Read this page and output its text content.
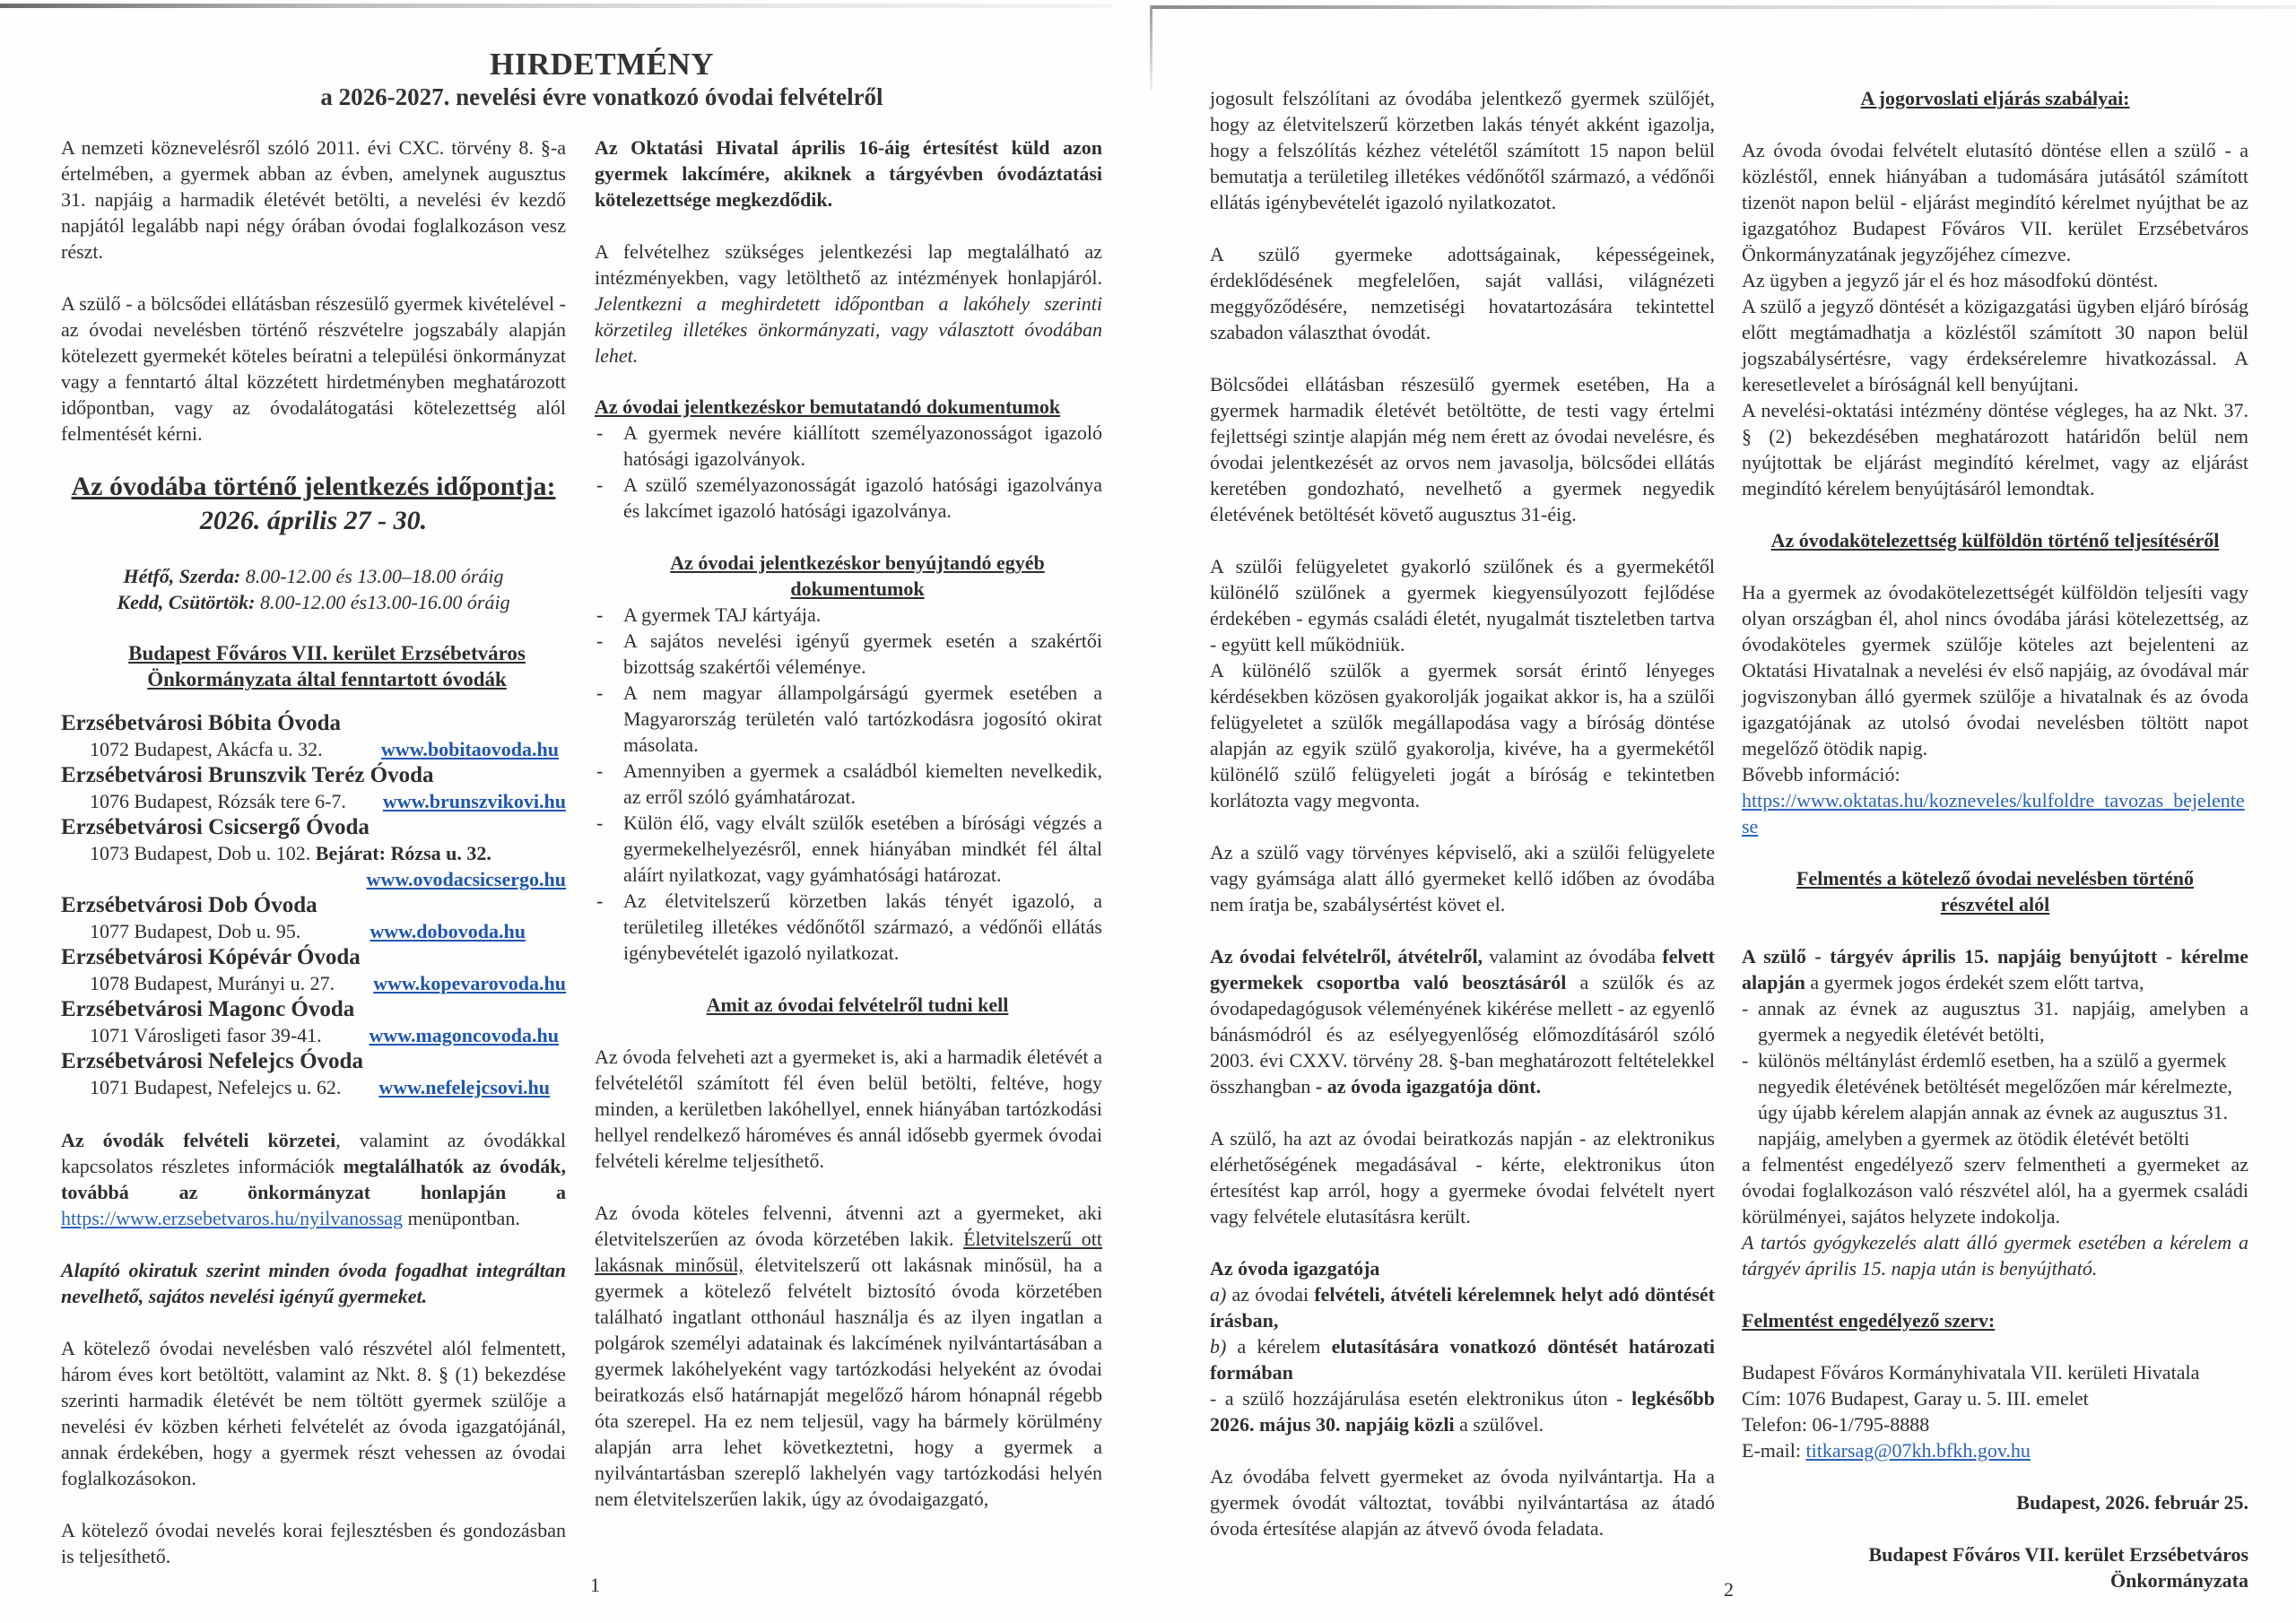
HIRDETMÉNY
a 2026-2027. nevelési évre vonatkozó óvodai felvételről

A nemzeti köznevelésről szóló 2011. évi CXC. törvény 8. §-a értelmében, a gyermek abban az évben, amelynek augusztus 31. napjáig a harmadik életévét betölti, a nevelési év kezdő napjától legalább napi négy órában óvodai foglalkozáson vesz részt.

A szülő - a bölcsődei ellátásban részesülő gyermek kivételével - az óvodai nevelésben történő részvételre jogszabály alapján kötelezett gyermekét köteles beíratni a települési önkormányzat vagy a fenntartó által közzétett hirdetményben meghatározott időpontban, vagy az óvodalátogatási kötelezettség alól felmentését kérni.

Az óvodába történő jelentkezés időpontja:
2026. április 27 - 30.
Hétfő, Szerda: 8.00-12.00 és 13.00–18.00 óráig
Kedd, Csütörtök: 8.00-12.00 és13.00-16.00 óráig
Budapest Főváros VII. kerület Erzsébetváros
Önkormányzata által fenntartott óvodák
Erzsébetvárosi Bóbita Óvoda
1072 Budapest, Akácfa u. 32.	www.bobitaovoda.hu
Erzsébetvárosi Brunszvik Teréz Óvoda
1076 Budapest, Rózsák tere 6-7. www.brunszvikovi.hu
Erzsébetvárosi Csicsergő Óvoda
1073 Budapest, Dob u. 102.
Bejárat: Rózsa u. 32.
www.ovodacsicsergo.hu
Erzsébetvárosi Dob Óvoda
1077 Budapest, Dob u. 95.	www.dobovoda.hu
Erzsébetvárosi Kópévár Óvoda
1078 Budapest, Murányi u. 27. www.kopevarovoda.hu
Erzsébetvárosi Magonc Óvoda
1071 Városligeti fasor 39-41. www.magoncovoda.hu
Erzsébetvárosi Nefelejcs Óvoda
1071 Budapest, Nefelejcs u. 62. www.nefelejcsovi.hu

Az óvodák felvételi körzetei, valamint az óvodákkal kapcsolatos részletes információk megtalálhatók az óvodák, továbbá az önkormányzat honlapján a https://www.erzsebetvaros.hu/nyilvanossag menüpontban.

Alapító okiratuk szerint minden óvoda fogadhat integráltan nevelhető, sajátos nevelési igényű gyermeket.

A kötelező óvodai nevelésben való részvétel alól felmentett, három éves kort betöltött, valamint az Nkt. 8. § (1) bekezdése szerinti harmadik életévét be nem töltött gyermek szülője a nevelési év közben kérheti felvételét az óvoda igazgatójánál, annak érdekében, hogy a gyermek részt vehessen az óvodai foglalkozásokon.

A kötelező óvodai nevelés korai fejlesztésben és gondozásban is teljesíthető.

Az Oktatási Hivatal április 16-áig értesítést küld azon gyermek lakcímére, akiknek a tárgyévben óvodáztatási kötelezettsége megkezdődik.

A felvételhez szükséges jelentkezési lap megtalálható az intézményekben, vagy letölthető az intézmények honlapjáról. Jelentkezni a meghirdetett időpontban a lakóhely szerinti körzetileg illetékes önkormányzati, vagy választott óvodában lehet.

Az óvodai jelentkezéskor bemutatandó dokumentumok
- A gyermek nevére kiállított személyazonosságot igazoló hatósági igazolványok.
- A szülő személyazonosságát igazoló hatósági igazolványa és lakcímet igazoló hatósági igazolványa.
Az óvodai jelentkezéskor benyújtandó egyéb
dokumentumok
- A gyermek TAJ kártyája.
- A sajátos nevelési igényű gyermek esetén a szakértői bizottság szakértői véleménye.
- A nem magyar állampolgárságú gyermek esetében a Magyarország területén való tartózkodásra jogosító okirat másolata.
- Amennyiben a gyermek a családból kiemelten nevelkedik, az erről szóló gyámhatározat.
- Külön élő, vagy elvált szülők esetében a bírósági végzés a gyermekelhelyezésről, ennek hiányában mindkét fél által aláírt nyilatkozat, vagy gyámhatósági határozat.
- Az életvitelszerű körzetben lakás tényét igazoló, a területileg illetékes védőnőtől származó, a védőnői ellátás igénybevételét igazoló nyilatkozat.
Amit az óvodai felvételről tudni kell

Az óvoda felveheti azt a gyermeket is, aki a harmadik életévét a felvételétől számított fél éven belül betölti, feltéve, hogy minden, a kerületben lakóhellyel, ennek hiányában tartózkodási hellyel rendelkező hároméves és annál idősebb gyermek óvodai felvételi kérelme teljesíthető.

Az óvoda köteles felvenni, átvenni azt a gyermeket, aki életvitelszerűen az óvoda körzetében lakik. Életvitelszerű ott lakásnak minősül, életvitelszerű ott lakásnak minősül, ha a gyermek a kötelező felvételt biztosító óvoda körzetében található ingatlant otthonául használja és az ilyen ingatlan a polgárok személyi adatainak és lakcímének nyilvántartásában a gyermek lakóhelyeként vagy tartózkodási helyeként az óvodai beiratkozás első határnapját megelőző három hónapnál régebb óta szerepel. Ha ez nem teljesül, vagy ha bármely körülmény alapján arra lehet következtetni, hogy a gyermek a nyilvántartásban szereplő lakhelyén vagy tartózkodási helyén nem életvitelszerűen lakik, úgy az óvodaigazgató,

1

jogosult felszólítani az óvodába jelentkező gyermek szülőjét, hogy az életvitelszerű körzetben lakás tényét akként igazolja, hogy a felszólítás kézhez vételétől számított 15 napon belül bemutatja a területileg illetékes védőnőtől származó, a védőnői ellátás igénybevételét igazoló nyilatkozatot.

A szülő gyermeke adottságainak, képességeinek, érdeklődésének megfelelően, saját vallási, világnézeti meggyőződésére, nemzetiségi hovatartozására tekintettel szabadon választhat óvodát.

Bölcsődei ellátásban részesülő gyermek esetében, Ha a gyermek harmadik életévét betöltötte, de testi vagy értelmi fejlettségi szintje alapján még nem érett az óvodai nevelésre, és óvodai jelentkezését az orvos nem javasolja, bölcsődei ellátás keretében gondozható, nevelhető a gyermek negyedik életévének betöltését követő augusztus 31-éig.

A szülői felügyeletet gyakorló szülőnek és a gyermekétől különélő szülőnek a gyermek kiegyensúlyozott fejlődése érdekében - egymás családi életét, nyugalmát tiszteletben tartva - együtt kell működniük.

A különélő szülők a gyermek sorsát érintő lényeges kérdésekben közösen gyakorolják jogaikat akkor is, ha a szülői felügyeletet a szülők megállapodása vagy a bíróság döntése alapján az egyik szülő gyakorolja, kivéve, ha a gyermekétől különélő szülő felügyeleti jogát a bíróság e tekintetben korlátozta vagy megvonta.

Az a szülő vagy törvényes képviselő, aki a szülői felügyelete vagy gyámsága alatt álló gyermeket kellő időben az óvodába nem íratja be, szabálysértést követ el.

Az óvodai felvételről, átvételről, valamint az óvodába felvett gyermekek csoportba való beosztásáról a szülők és az óvodapedagógusok véleményének kikérése mellett - az egyenlő bánásmódról és az esélyegyenlőség előmozdításáról szóló 2003. évi CXXV. törvény 28. §-ban meghatározott feltételekkel összhangban - az óvoda igazgatója dönt.

A szülő, ha azt az óvodai beiratkozás napján - az elektronikus elérhetőségének megadásával - kérte, elektronikus úton értesítést kap arról, hogy a gyermeke óvodai felvételt nyert vagy felvétele elutasításra került.

Az óvoda igazgatója
a) az óvodai felvételi, átvételi kérelemnek helyt adó döntését írásban,
b) a kérelem elutasítására vonatkozó döntését határozati formában
- a szülő hozzájárulása esetén elektronikus úton - legkésőbb 2026. május 30. napjáig közli a szülővel.

Az óvodába felvett gyermeket az óvoda nyilvántartja. Ha a gyermek óvodát változtat, további nyilvántartása az átadó óvoda értesítése alapján az átvevő óvoda feladata.

A jogorvoslati eljárás szabályai:

Az óvoda óvodai felvételt elutasító döntése ellen a szülő - a közléstől, ennek hiányában a tudomására jutásától számított tizenöt napon belül - eljárást megindító kérelmet nyújthat be az igazgatóhoz Budapest Főváros VII. kerület Erzsébetváros Önkormányzatának jegyzőjéhez címezve.

Az ügyben a jegyző jár el és hoz másodfokú döntést.

A szülő a jegyző döntését a közigazgatási ügyben eljáró bíróság előtt megtámadhatja a közléstől számított 30 napon belül jogszabálysértésre, vagy érdeksérelemre hivatkozással. A keresetlevelet a bíróságnál kell benyújtani.

A nevelési-oktatási intézmény döntése végleges, ha az Nkt. 37. § (2) bekezdésében meghatározott határidőn belül nem nyújtottak be eljárást megindító kérelmet, vagy az eljárást megindító kérelem benyújtásáról lemondtak.

Az óvodakötelezettség külföldön történő teljesítéséről

Ha a gyermek az óvodakötelezettségét külföldön teljesíti vagy olyan országban él, ahol nincs óvodába járási kötelezettség, az óvodaköteles gyermek szülője köteles azt bejelenteni az Oktatási Hivatalnak a nevelési év első napjáig, az óvodával már jogviszonyban álló gyermek szülője a hivatalnak és az óvoda igazgatójának az utolsó óvodai nevelésben töltött napot megelőző ötödik napig.

Bővebb információ:

https://www.oktatas.hu/kozneveles/kulfoldre_tavozas_bejelentese

Felmentés a kötelező óvodai nevelésben történő
részvétel alól

A szülő - tárgyév április 15. napjáig benyújtott - kérelme alapján a gyermek jogos érdekét szem előtt tartva,

- annak az évnek az augusztus 31. napjáig, amelyben a gyermek a negyedik életévét betölti,
- különös méltánylást érdemlő esetben, ha a szülő a gyermek negyedik életévének betöltését megelőzően már kérelmezte, úgy újabb kérelem alapján annak az évnek az augusztus 31. napjáig, amelyben a gyermek az ötödik életévét betölti

a felmentést engedélyező szerv felmentheti a gyermeket az óvodai foglalkozáson való részvétel alól, ha a gyermek családi körülményei, sajátos helyzete indokolja.

A tartós gyógykezelés alatt álló gyermek esetében a kérelem a tárgyév április 15. napja után is benyújtható.

Felmentést engedélyező szerv:
Budapest Főváros Kormányhivatala VII. kerületi Hivatala
Cím: 1076 Budapest, Garay u. 5. III. emelet
Telefon: 06-1/795-8888
E-mail: titkarsag@07kh.bfkh.gov.hu
Budapest, 2026. február 25.
Budapest Főváros VII. kerület Erzsébetváros
Önkormányzata
2
